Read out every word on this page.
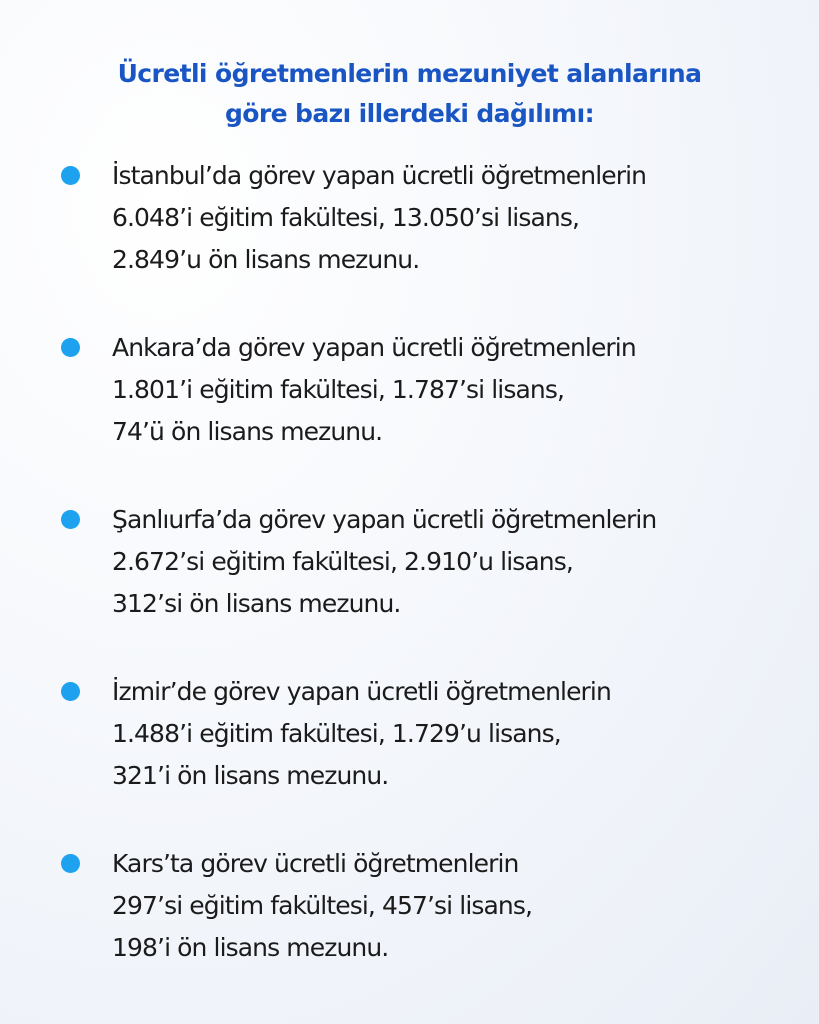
Ücretli öğretmenlerin mezuniyet alanlarına
göre bazı illerdeki dağılımı:
İstanbul’da görev yapan ücretli öğretmenlerin
6.048’i eğitim fakültesi, 13.050’si lisans,
2.849’u ön lisans mezunu.
Ankara’da görev yapan ücretli öğretmenlerin
1.801’i eğitim fakültesi, 1.787’si lisans,
74’ü ön lisans mezunu.
Şanlıurfa’da görev yapan ücretli öğretmenlerin
2.672’si eğitim fakültesi, 2.910’u lisans,
312’si ön lisans mezunu.
İzmir’de görev yapan ücretli öğretmenlerin
1.488’i eğitim fakültesi, 1.729’u lisans,
321’i ön lisans mezunu.
Kars’ta görev ücretli öğretmenlerin
297’si eğitim fakültesi, 457’si lisans,
198’i ön lisans mezunu.
